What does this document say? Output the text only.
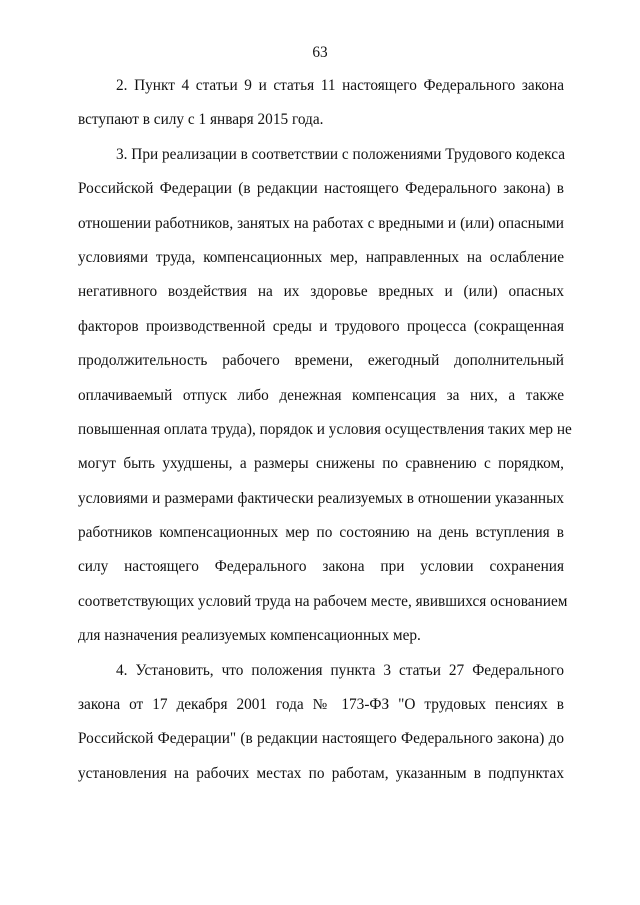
63
2. Пункт 4 статьи 9 и статья 11 настоящего Федерального закона
вступают в силу с 1 января 2015 года.
3. При реализации в соответствии с положениями Трудового кодекса
Российской Федерации (в редакции настоящего Федерального закона) в
отношении работников, занятых на работах с вредными и (или) опасными
условиями труда, компенсационных мер, направленных на ослабление
негативного воздействия на их здоровье вредных и (или) опасных
факторов производственной среды и трудового процесса (сокращенная
продолжительность рабочего времени, ежегодный дополнительный
оплачиваемый отпуск либо денежная компенсация за них, а также
повышенная оплата труда), порядок и условия осуществления таких мер не
могут быть ухудшены, а размеры снижены по сравнению с порядком,
условиями и размерами фактически реализуемых в отношении указанных
работников компенсационных мер по состоянию на день вступления в
силу настоящего Федерального закона при условии сохранения
соответствующих условий труда на рабочем месте, явившихся основанием
для назначения реализуемых компенсационных мер.
4. Установить, что положения пункта 3 статьи 27 Федерального
закона от 17 декабря 2001 года № 173-ФЗ "О трудовых пенсиях в
Российской Федерации" (в редакции настоящего Федерального закона) до
установления на рабочих местах по работам, указанным в подпунктах
